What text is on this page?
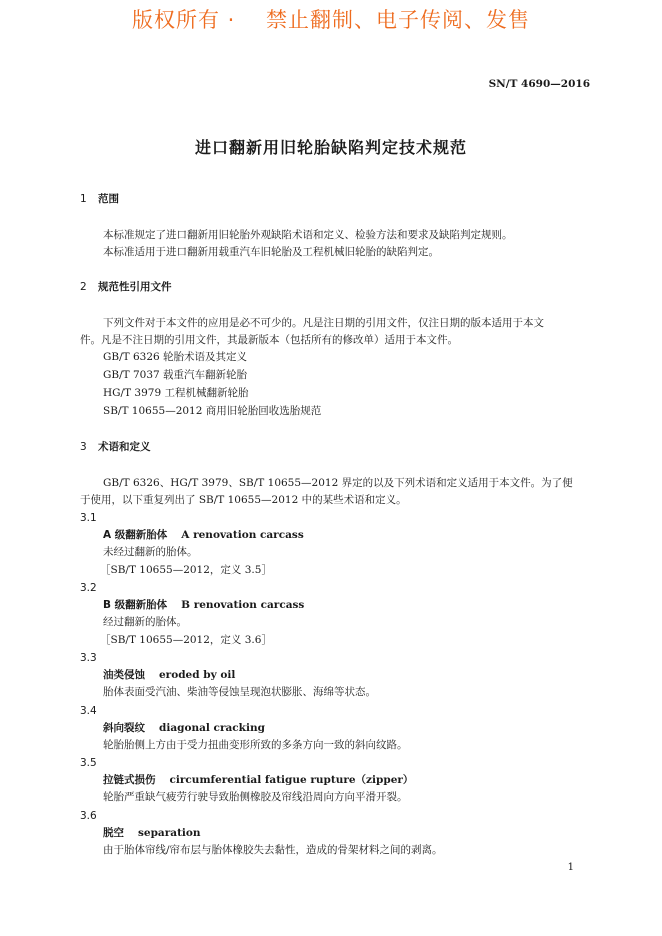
版权所有 ·    禁止翻制、电子传阅、发售
SN/T 4690—2016
进口翻新用旧轮胎缺陷判定技术规范
1 范围
本标准规定了进口翻新用旧轮胎外观缺陷术语和定义、检验方法和要求及缺陷判定规则。
本标准适用于进口翻新用载重汽车旧轮胎及工程机械旧轮胎的缺陷判定。
2 规范性引用文件
下列文件对于本文件的应用是必不可少的。凡是注日期的引用文件，仅注日期的版本适用于本文
件。凡是不注日期的引用文件，其最新版本（包括所有的修改单）适用于本文件。
GB/T 6326 轮胎术语及其定义
GB/T 7037 载重汽车翻新轮胎
HG/T 3979 工程机械翻新轮胎
SB/T 10655—2012 商用旧轮胎回收选胎规范
3 术语和定义
GB/T 6326、HG/T 3979、SB/T 10655—2012 界定的以及下列术语和定义适用于本文件。为了便
于使用，以下重复列出了 SB/T 10655—2012 中的某些术语和定义。
3.1
A 级翻新胎体 A renovation carcass
未经过翻新的胎体。
［SB/T 10655—2012，定义 3.5］
3.2
B 级翻新胎体 B renovation carcass
经过翻新的胎体。
［SB/T 10655—2012，定义 3.6］
3.3
油类侵蚀 eroded by oil
胎体表面受汽油、柴油等侵蚀呈现泡状膨胀、海绵等状态。
3.4
斜向裂纹 diagonal cracking
轮胎胎侧上方由于受力扭曲变形所致的多条方向一致的斜向纹路。
3.5
拉链式损伤 circumferential fatigue rupture（zipper）
轮胎严重缺气疲劳行驶导致胎侧橡胶及帘线沿周向方向平滑开裂。
3.6
脱空 separation
由于胎体帘线/帘布层与胎体橡胶失去黏性，造成的骨架材料之间的剥离。
1
